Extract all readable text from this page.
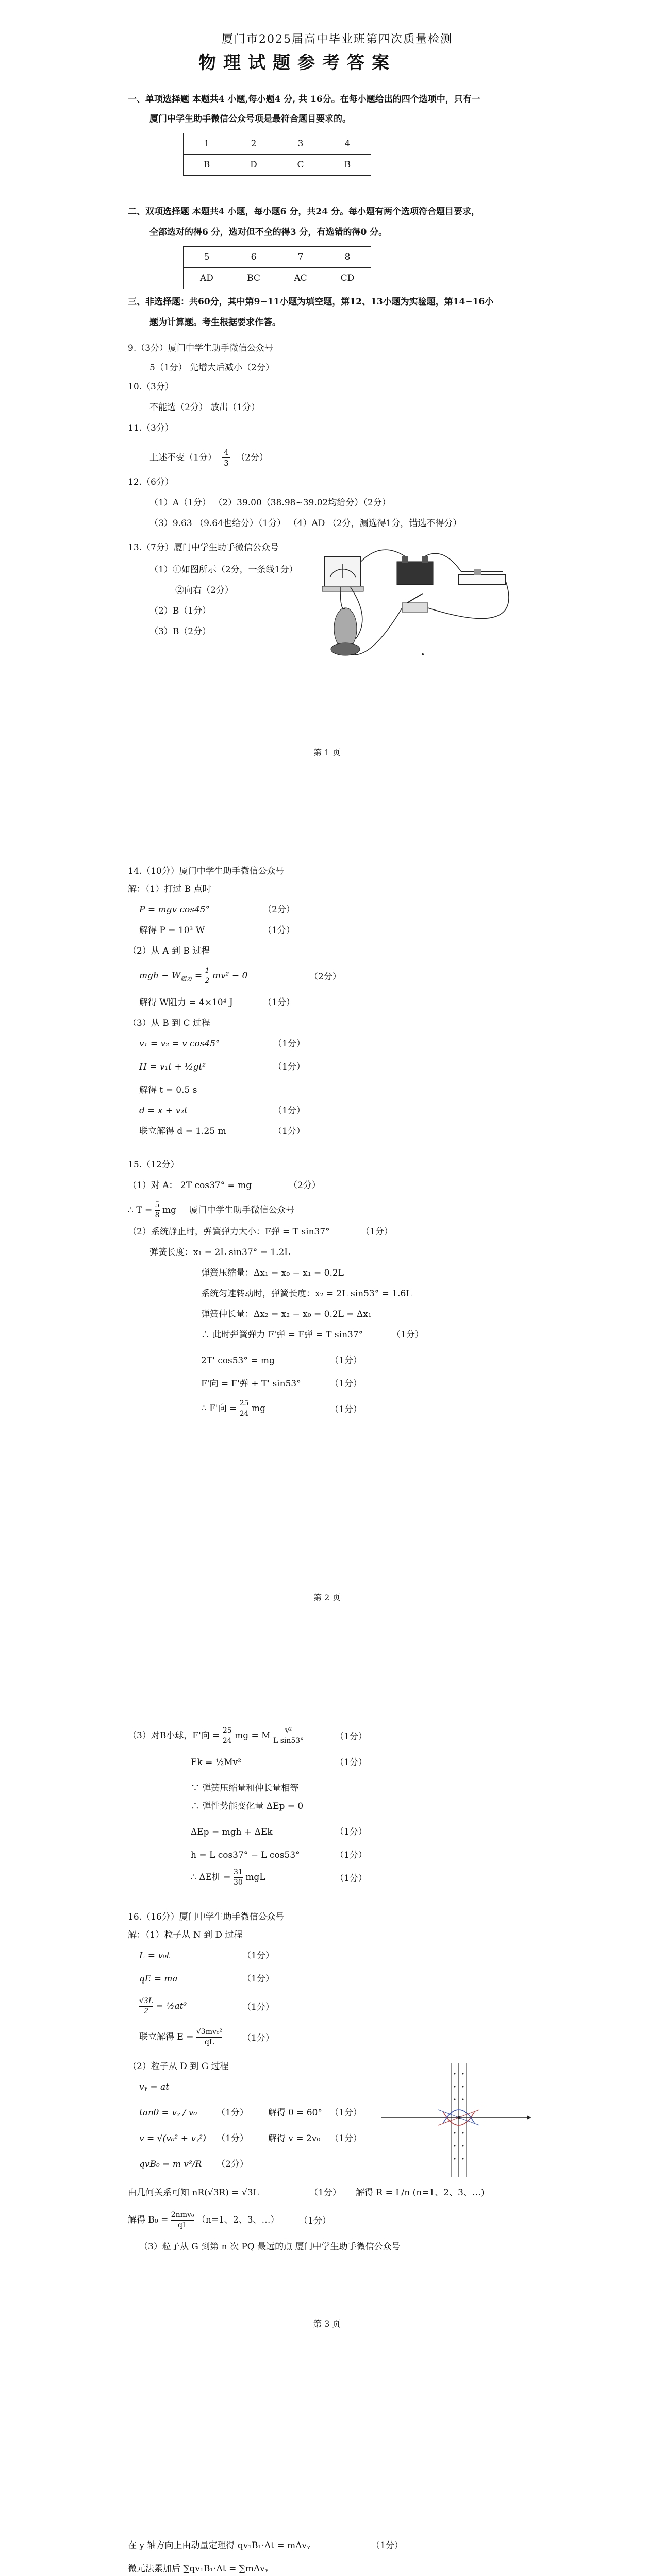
厦门市2025届高中毕业班第四次质量检测
物理试题参考答案
一、单项选择题 本题共4 小题,每小题4 分, 共 16分。在每小题给出的四个选项中，只有一
厦门中学生助手微信公众号项是最符合题目要求的。
1	2	3	4
B	D	C	B
二、双项选择题 本题共4 小题，每小题6 分，共24 分。每小题有两个选项符合题目要求，
全部选对的得6 分，选对但不全的得3 分，有选错的得0 分。
5	6	7	8
AD	BC	AC	CD
三、非选择题：共60分，其中第9~11小题为填空题，第12、13小题为实验题，第14~16小
题为计算题。考生根据要求作答。
9.（3分）厦门中学生助手微信公众号
5（1分） 先增大后减小（2分）
10.（3分）
不能选（2分） 放出（1分）
11.（3分）
上述不变（1分） $\frac{4}{3} (2$分）
12.（6分）
（1）A（1分） （2）39.00（38.98~39.02均给分）（2分）
（3）9.63 （9.64也给分）（1分） （4）AD （2分，漏选得1分，错选不得分）
13.（7分）厦门中学生助手微信公众号
（1）①如图所示（2分，一条线1分）
②向右（2分）
（2）B（1分）
（3）B（2分）
第 1 页
14.（10分）厦门中学生助手微信公众号
解：（1）打过 B 点时
P = mgv cos45°	（2分）
解得 P = 10³ W	（1分）
（2）从 A 到 B 过程
mgh − $W_{阻力} = \frac{1}{2} mv^2 - 0$	（2分）
解得 W阻力 = 4×10⁴ J	（1分）
（3）从 B 到 C 过程
v₁ = v₂ = v cos45°	（1分）
H = v₁t + ½gt²	（1分）
解得 t = 0.5 s
d = x + v₂t	（1分）
联立解得 d = 1.25 m	（1分）
15.（12分）
（1）对 A： 2T cos37° = mg	（2分）
∴ $T = \frac{5}{8}$ mg 厦门中学生助手微信公众号
（2）系统静止时，弹簧弹力大小：F弹 = T sin37°	（1分）
弹簧长度：x₁ = 2L sin37° = 1.2L
弹簧压缩量：Δx₁ = x₀ − x₁ = 0.2L
系统匀速转动时，弹簧长度：x₂ = 2L sin53° = 1.6L
弹簧伸长量：Δx₂ = x₂ − x₀ = 0.2L = Δx₁
∴ 此时弹簧弹力 F'弹 = F弹 = T sin37°	（1分）
2T' cos53° = mg	（1分）
F'向 = F'弹 + T' sin53°	（1分）
∴ F'向 = $\frac{25}{24}$ mg	（1分）
第 2 页
（3）对B小球，F'向 = $\frac{25}{24}$ mg = M $\frac{\text{v²}}{\text{L sin53°}}$	（1分）
Ek = ½Mv²	（1分）
∵ 弹簧压缩量和伸长量相等
∴ 弹性势能变化量 ΔEp = 0
ΔEp = mgh + ΔEk	（1分）
h = L cos37° − L cos53°	（1分）
∴ ΔE机 = $\frac{31}{30}$ mgL	（1分）
16.（16分）厦门中学生助手微信公众号
解：（1）粒子从 N 到 D 过程
L = v₀t	（1分）
qE = ma	（1分）
$\frac{√3L}{2}$ = ½at²	（1分）
联立解得 $E = \frac{\text{√3mv₀²}}{qL} (1$分）
（2）粒子从 D 到 G 过程
vᵧ = at
tanθ = vᵧ / v₀ （1分） 解得 θ = 60° （1分）
v = √(v₀² + vᵧ²) （1分） 解得 v = 2v₀ （1分）
qvB₀ = m v²/R （2分）
由几何关系可知 nR(√3R) = √3L	（1分） 解得 R = L/n (n=1、2、3、…)
解得 B₀ = 2nmv₀
qL	（n=1、2、3、…） （1分）
（3）粒子从 G 到第 n 次 PQ 最远的点 厦门中学生助手微信公众号
第 3 页
在 y 轴方向上由动量定理得 qv₁B₁·Δt = mΔvᵧ	（1分）
微元法累加后 ∑qv₁B₁·Δt = ∑mΔvᵧ
